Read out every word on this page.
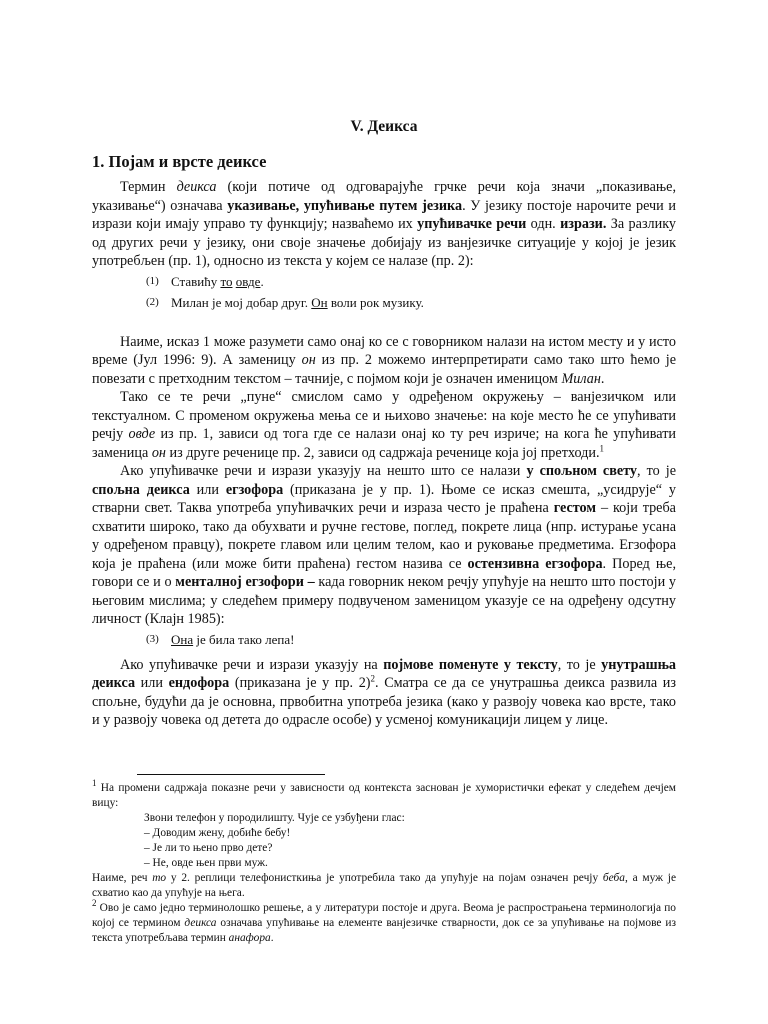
V. Деикса
1. Појам и врсте деиксе

Термин деикса (који потиче од одговарајуће грчке речи која значи „показивање, указивање“) означава указивање, упућивање путем језика. У језику постоје нарочите речи и изрази који имају управо ту функцију; назваћемо их упућивачке речи одн. изрази. За разлику од других речи у језику, они своје значење добијају из ванјезичке ситуације у којој је језик употребљен (пр. 1), односно из текста у којем се налазе (пр. 2):

(1) Ставићу то овде.
(2) Милан је мој добар друг. Он воли рок музику.

Наиме, исказ 1 може разумети само онај ко се с говорником налази на истом месту и у исто време (Јул 1996: 9). А заменицу он из пр. 2 можемо интерпретирати само тако што ћемо је повезати с претходним текстом – тачније, с појмом који је означен именицом Милан.

Тако се те речи „пуне“ смислом само у одређеном окружењу – ванјезичком или текстуалном. С променом окружења мења се и њихово значење: на које место ће се упућивати речју овде из пр. 1, зависи од тога где се налази онај ко ту реч изриче; на кога ће упућивати заменица он из друге реченице пр. 2, зависи од садржаја реченице која јој претходи.$^1$

Ако упућивачке речи и изрази указују на нешто што се налази у спољном свету, то је спољна деикса или егзофора (приказана је у пр. 1). Њоме се исказ смешта, „усидрује“ у стварни свет. Таква употреба упућивачких речи и израза често је праћена гестом – који треба схватити широко, тако да обухвати и ручне гестове, поглед, покрете лица (нпр. истурање усана у одређеном правцу), покрете главом или целим телом, као и руковање предметима. Егзофора која је праћена (или може бити праћена) гестом назива се остензивна егзофора. Поред ње, говори се и о менталној егзофори – када говорник неком речју упућује на нешто што постоји у његовим мислима; у следећем примеру подвученом заменицом указује се на одређену одсутну личност (Клајн 1985):

(3) Она је била тако лепа!

Ако упућивачке речи и изрази указују на појмове поменуте у тексту, то је унутрашња деикса или ендофора (приказана је у пр. 2)$^2$. Сматра се да се унутрашња деикса развила из спољне, будући да је основна, првобитна употреба језика (како у развоју човека као врсте, тако и у развоју човека од детета до одрасле особе) у усменој комуникацији лицем у лице.

$^1$ На промени садржаја показне речи у зависности од контекста заснован је хумористички ефекат у следећем дечјем вицу:

Звони телефон у породилишту. Чује се узбуђени глас:

– Доводим жену, добиће бебу!

– Је ли то њено прво дете?

– Не, овде њен први муж.

Наиме, реч то у 2. реплици телефонисткиња је употребила тако да упућује на појам означен речју беба, а муж је схватио као да упућује на њега.

$^2$ Ово је само једно терминолошко решење, а у литератури постоје и друга. Веома је распрострањена терминологија по којој се термином деикса означава упућивање на елементе ванјезичке стварности, док се за упућивање на појмове из текста употребљава термин анафора.
